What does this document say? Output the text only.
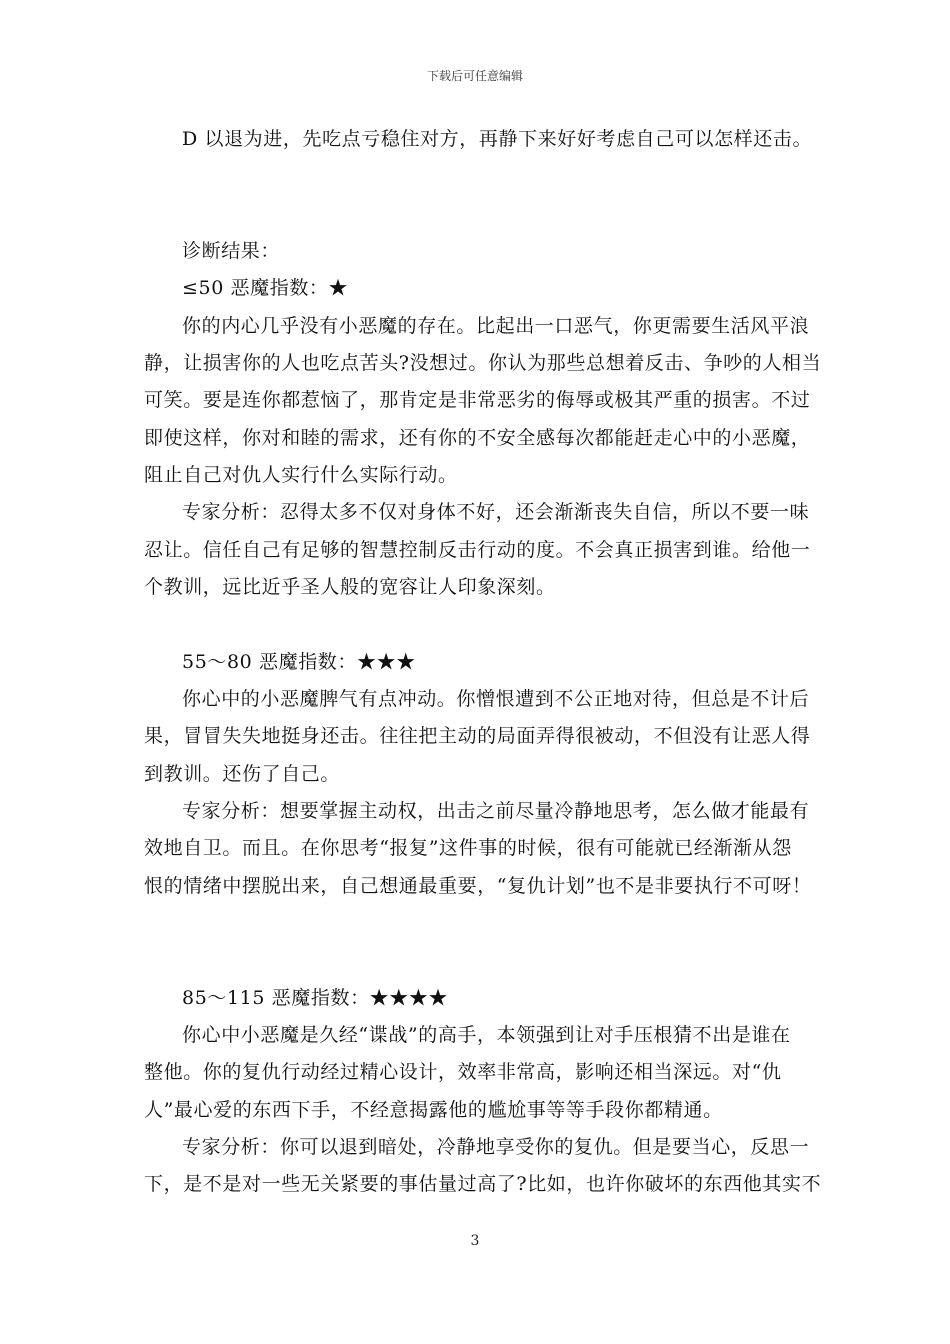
下载后可任意编辑
D 以退为进，先吃点亏稳住对方，再静下来好好考虑自己可以怎样还击。
诊断结果：
≤50 恶魔指数：★
你的内心几乎没有小恶魔的存在。比起出一口恶气，你更需要生活风平浪
静，让损害你的人也吃点苦头?没想过。你认为那些总想着反击、争吵的人相当
可笑。要是连你都惹恼了，那肯定是非常恶劣的侮辱或极其严重的损害。不过
即使这样，你对和睦的需求，还有你的不安全感每次都能赶走心中的小恶魔，
阻止自己对仇人实行什么实际行动。
专家分析：忍得太多不仅对身体不好，还会渐渐丧失自信，所以不要一味
忍让。信任自己有足够的智慧控制反击行动的度。不会真正损害到谁。给他一
个教训，远比近乎圣人般的宽容让人印象深刻。
55～80 恶魔指数：★★★
你心中的小恶魔脾气有点冲动。你憎恨遭到不公正地对待，但总是不计后
果，冒冒失失地挺身还击。往往把主动的局面弄得很被动，不但没有让恶人得
到教训。还伤了自己。
专家分析：想要掌握主动权，出击之前尽量冷静地思考，怎么做才能最有
效地自卫。而且。在你思考“报复”这件事的时候，很有可能就已经渐渐从怨
恨的情绪中摆脱出来，自己想通最重要，“复仇计划”也不是非要执行不可呀！
85～115 恶魔指数：★★★★
你心中小恶魔是久经“谍战”的高手，本领强到让对手压根猜不出是谁在
整他。你的复仇行动经过精心设计，效率非常高，影响还相当深远。对“仇
人”最心爱的东西下手，不经意揭露他的尴尬事等等手段你都精通。
专家分析：你可以退到暗处，冷静地享受你的复仇。但是要当心，反思一
下，是不是对一些无关紧要的事估量过高了?比如，也许你破坏的东西他其实不
3
